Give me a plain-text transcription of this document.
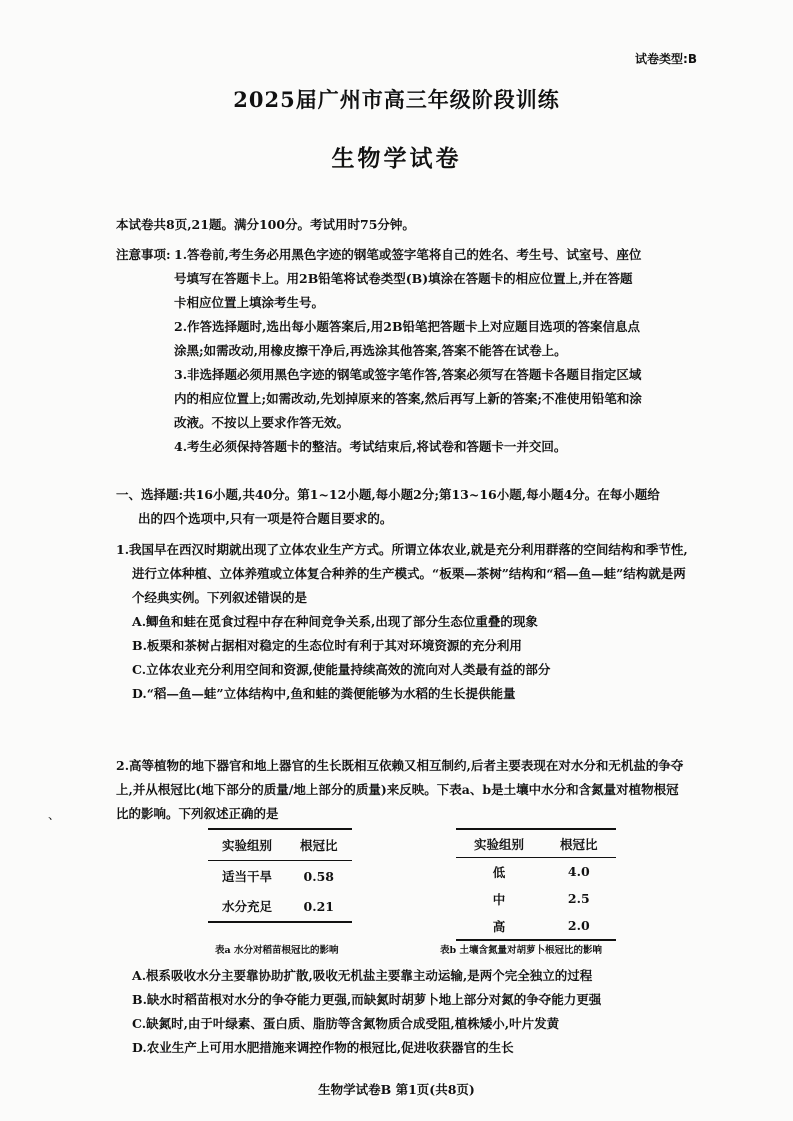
试卷类型:B
2025届广州市高三年级阶段训练
生物学试卷
本试卷共8页,21题。满分100分。考试用时75分钟。
注意事项: 1.答卷前,考生务必用黑色字迹的钢笔或签字笔将自己的姓名、考生号、试室号、座位号填写在答题卡上。用2B铅笔将试卷类型(B)填涂在答题卡的相应位置上,并在答题卡相应位置上填涂考生号。
2.作答选择题时,选出每小题答案后,用2B铅笔把答题卡上对应题目选项的答案信息点涂黑;如需改动,用橡皮擦干净后,再选涂其他答案,答案不能答在试卷上。
3.非选择题必须用黑色字迹的钢笔或签字笔作答,答案必须写在答题卡各题目指定区域内的相应位置上;如需改动,先划掉原来的答案,然后再写上新的答案;不准使用铅笔和涂改液。不按以上要求作答无效。
4.考生必须保持答题卡的整洁。考试结束后,将试卷和答题卡一并交回。
一、选择题:共16小题,共40分。第1~12小题,每小题2分;第13~16小题,每小题4分。在每小题给
出的四个选项中,只有一项是符合题目要求的。
1.我国早在西汉时期就出现了立体农业生产方式。所谓立体农业,就是充分利用群落的空间结构和季节性,进行立体种植、立体养殖或立体复合种养的生产模式。“板栗—茶树”结构和“稻—鱼—蛙”结构就是两个经典实例。下列叙述错误的是
A.鲫鱼和蛙在觅食过程中存在种间竞争关系,出现了部分生态位重叠的现象
B.板栗和茶树占据相对稳定的生态位时有利于其对环境资源的充分利用
C.立体农业充分利用空间和资源,使能量持续高效的流向对人类最有益的部分
D.“稻—鱼—蛙”立体结构中,鱼和蛙的粪便能够为水稻的生长提供能量
2.高等植物的地下器官和地上器官的生长既相互依赖又相互制约,后者主要表现在对水分和无机盐的争夺上,并从根冠比(地下部分的质量/地上部分的质量)来反映。下表a、b是土壤中水分和含氮量对植物根冠比的影响。下列叙述正确的是
、
实验组别	根冠比
适当干旱	0.58
水分充足	0.21
实验组别	根冠比
低	4.0
中	2.5
高	2.0
表a 水分对稻苗根冠比的影响	表b 土壤含氮量对胡萝卜根冠比的影响
A.根系吸收水分主要靠协助扩散,吸收无机盐主要靠主动运输,是两个完全独立的过程
B.缺水时稻苗根对水分的争夺能力更强,而缺氮时胡萝卜地上部分对氮的争夺能力更强
C.缺氮时,由于叶绿素、蛋白质、脂肪等含氮物质合成受阻,植株矮小,叶片发黄
D.农业生产上可用水肥措施来调控作物的根冠比,促进收获器官的生长
生物学试卷B 第1页(共8页)
